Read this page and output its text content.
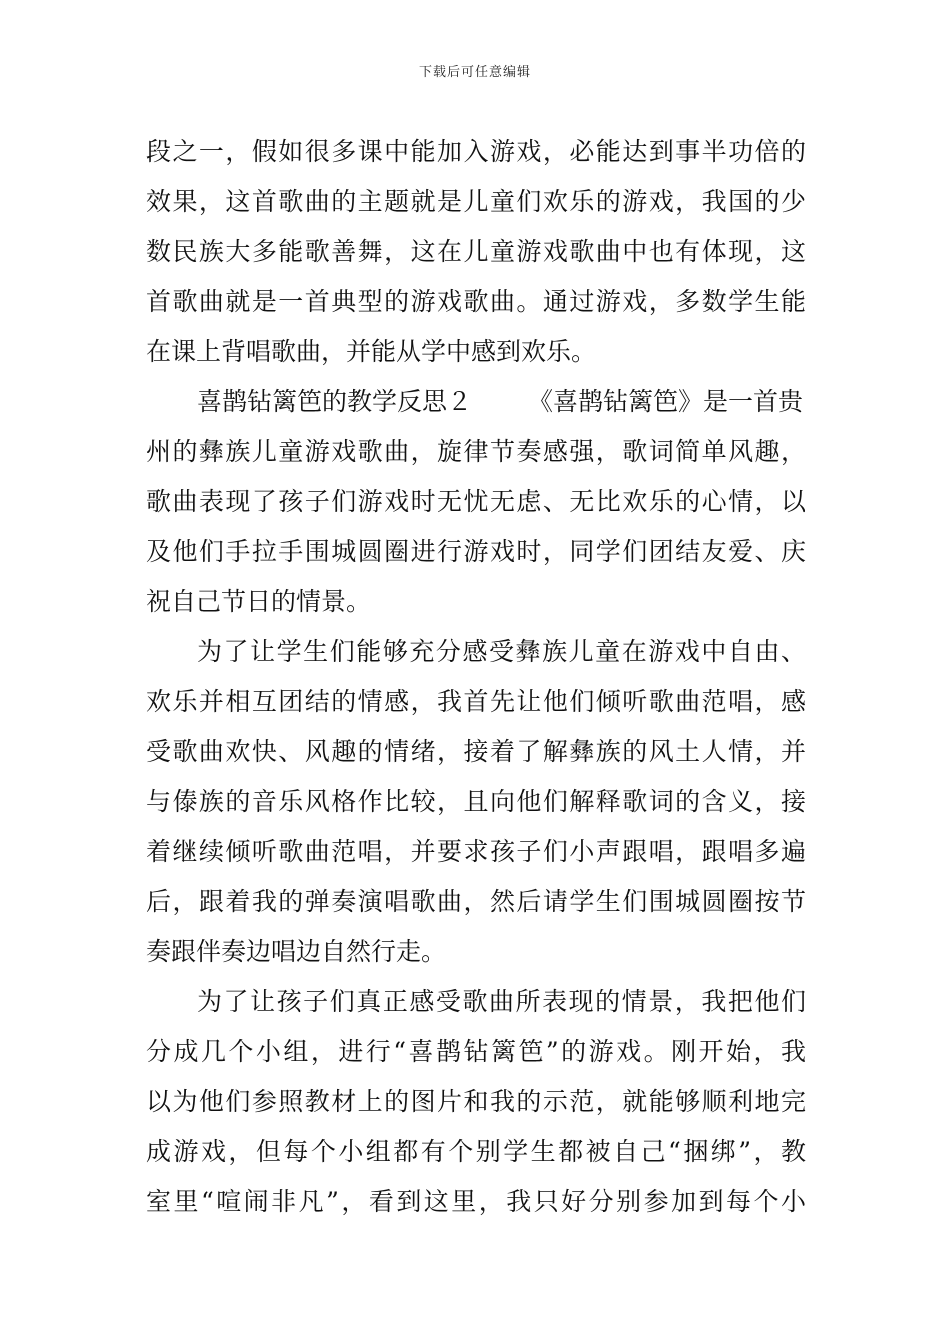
下载后可任意编辑
段之一，假如很多课中能加入游戏，必能达到事半功倍的
效果，这首歌曲的主题就是儿童们欢乐的游戏，我国的少
数民族大多能歌善舞，这在儿童游戏歌曲中也有体现，这
首歌曲就是一首典型的游戏歌曲。通过游戏，多数学生能
在课上背唱歌曲，并能从学中感到欢乐。
喜鹊钻篱笆的教学反思２ 《喜鹊钻篱笆》是一首贵
州的彝族儿童游戏歌曲，旋律节奏感强，歌词简单风趣，
歌曲表现了孩子们游戏时无忧无虑、无比欢乐的心情，以
及他们手拉手围城圆圈进行游戏时，同学们团结友爱、庆
祝自己节日的情景。
为了让学生们能够充分感受彝族儿童在游戏中自由、
欢乐并相互团结的情感，我首先让他们倾听歌曲范唱，感
受歌曲欢快、风趣的情绪，接着了解彝族的风土人情，并
与傣族的音乐风格作比较，且向他们解释歌词的含义，接
着继续倾听歌曲范唱，并要求孩子们小声跟唱，跟唱多遍
后，跟着我的弹奏演唱歌曲，然后请学生们围城圆圈按节
奏跟伴奏边唱边自然行走。
为了让孩子们真正感受歌曲所表现的情景，我把他们
分成几个小组，进行“喜鹊钻篱笆”的游戏。刚开始，我
以为他们参照教材上的图片和我的示范，就能够顺利地完
成游戏，但每个小组都有个别学生都被自己“捆绑”，教
室里“喧闹非凡”，看到这里，我只好分别参加到每个小
